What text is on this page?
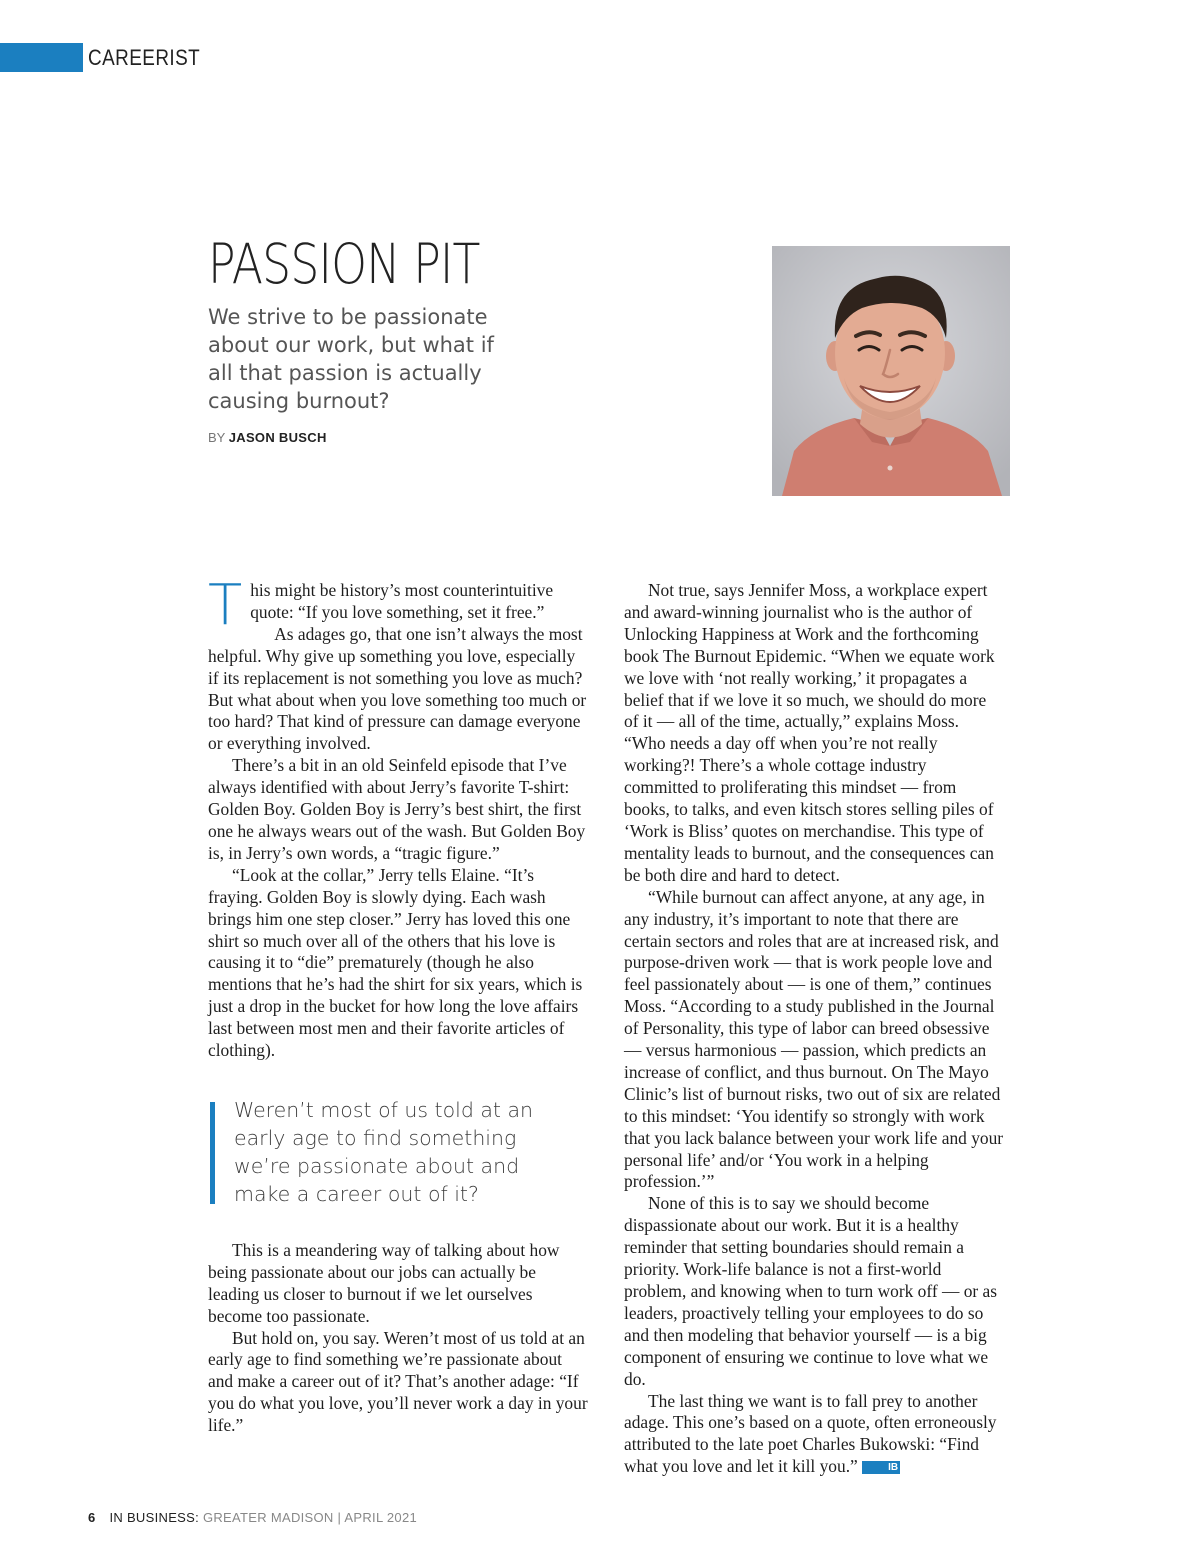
CAREERIST
PASSION PIT
We strive to be passionate
about our work, but what if
all that passion is actually
causing burnout?
BY JASON BUSCH

This might be history’s most counterintuitive quote: “If you love something, set it free.”

As adages go, that one isn’t always the most helpful. Why give up something you love, especially if its replacement is not something you love as much? But what about when you love something too much or too hard? That kind of pressure can damage everyone or everything involved.

There’s a bit in an old Seinfeld episode that I’ve always identified with about Jerry’s favorite T-shirt: Golden Boy. Golden Boy is Jerry’s best shirt, the first one he always wears out of the wash. But Golden Boy is, in Jerry’s own words, a “tragic figure.”

“Look at the collar,” Jerry tells Elaine. “It’s fraying. Golden Boy is slowly dying. Each wash brings him one step closer.” Jerry has loved this one shirt so much over all of the others that his love is causing it to “die” prematurely (though he also mentions that he’s had the shirt for six years, which is just a drop in the bucket for how long the love affairs last between most men and their favorite articles of clothing).

Weren’t most of us told at an
early age to find something
we’re passionate about and
make a career out of it?

This is a meandering way of talking about how being passionate about our jobs can actually be leading us closer to burnout if we let ourselves become too passionate.

But hold on, you say. Weren’t most of us told at an early age to find something we’re passionate about and make a career out of it? That’s another adage: “If you do what you love, you’ll never work a day in your life.”

Not true, says Jennifer Moss, a workplace expert and award-winning journalist who is the author of Unlocking Happiness at Work and the forthcoming book The Burnout Epidemic. “When we equate work we love with ‘not really working,’ it propagates a belief that if we love it so much, we should do more of it — all of the time, actually,” explains Moss. “Who needs a day off when you’re not really working?! There’s a whole cottage industry committed to proliferating this mindset — from books, to talks, and even kitsch stores selling piles of ‘Work is Bliss’ quotes on merchandise. This type of mentality leads to burnout, and the consequences can be both dire and hard to detect.

“While burnout can affect anyone, at any age, in any industry, it’s important to note that there are certain sectors and roles that are at increased risk, and purpose-driven work — that is work people love and feel passionately about — is one of them,” continues Moss. “According to a study published in the Journal of Personality, this type of labor can breed obsessive — versus harmonious — passion, which predicts an increase of conflict, and thus burnout. On The Mayo Clinic’s list of burnout risks, two out of six are related to this mindset: ‘You identify so strongly with work that you lack balance between your work life and your personal life’ and/or ‘You work in a helping profession.’”

None of this is to say we should become dispassionate about our work. But it is a healthy reminder that setting boundaries should remain a priority. Work-life balance is not a first-world problem, and knowing when to turn work off — or as leaders, proactively telling your employees to do so and then modeling that behavior yourself — is a big component of ensuring we continue to love what we do.

The last thing we want is to fall prey to another adage. This one’s based on a quote, often erroneously attributed to the late poet Charles Bukowski: “Find what you love and let it kill you.”	IB

6 IN BUSINESS: GREATER MADISON | APRIL 2021
